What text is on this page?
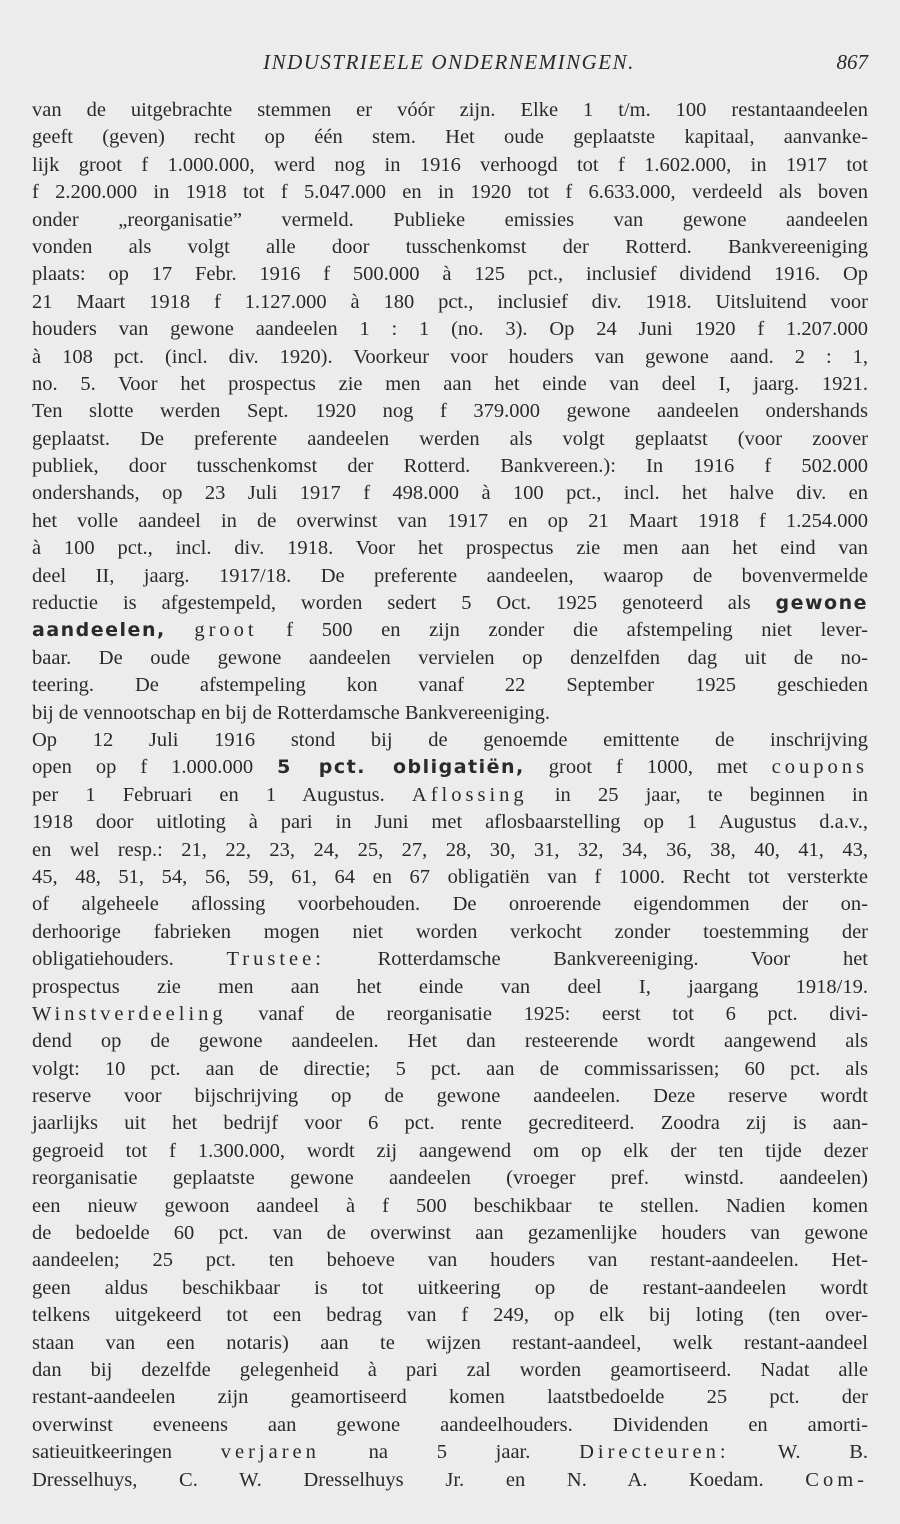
INDUSTRIEELE ONDERNEMINGEN.	867
van de uitgebrachte stemmen er vóór zijn. Elke 1 t/m. 100 restantaandeelen
geeft (geven) recht op één stem. Het oude geplaatste kapitaal, aanvanke-
lijk groot f 1.000.000, werd nog in 1916 verhoogd tot f 1.602.000, in 1917 tot
f 2.200.000 in 1918 tot f 5.047.000 en in 1920 tot f 6.633.000, verdeeld als boven
onder „reorganisatie” vermeld. Publieke emissies van gewone aandeelen
vonden als volgt alle door tusschenkomst der Rotterd. Bankvereeniging
plaats: op 17 Febr. 1916 f 500.000 à 125 pct., inclusief dividend 1916. Op
21 Maart 1918 f 1.127.000 à 180 pct., inclusief div. 1918. Uitsluitend voor
houders van gewone aandeelen 1 : 1 (no. 3). Op 24 Juni 1920 f 1.207.000
à 108 pct. (incl. div. 1920). Voorkeur voor houders van gewone aand. 2 : 1,
no. 5. Voor het prospectus zie men aan het einde van deel I, jaarg. 1921.
Ten slotte werden Sept. 1920 nog f 379.000 gewone aandeelen ondershands
geplaatst. De preferente aandeelen werden als volgt geplaatst (voor zoover
publiek, door tusschenkomst der Rotterd. Bankvereen.): In 1916 f 502.000
ondershands, op 23 Juli 1917 f 498.000 à 100 pct., incl. het halve div. en
het volle aandeel in de overwinst van 1917 en op 21 Maart 1918 f 1.254.000
à 100 pct., incl. div. 1918. Voor het prospectus zie men aan het eind van
deel II, jaarg. 1917/18. De preferente aandeelen, waarop de bovenvermelde
reductie is afgestempeld, worden sedert 5 Oct. 1925 genoteerd als gewone
aandeelen, groot f 500 en zijn zonder die afstempeling niet lever-
baar. De oude gewone aandeelen vervielen op denzelfden dag uit de no-
teering. De afstempeling kon vanaf 22 September 1925 geschieden
bij de vennootschap en bij de Rotterdamsche Bankvereeniging.
Op 12 Juli 1916 stond bij de genoemde emittente de inschrijving
open op f 1.000.000 5 pct. obligatiën, groot f 1000, met coupons
per 1 Februari en 1 Augustus. Aflossing in 25 jaar, te beginnen in
1918 door uitloting à pari in Juni met aflosbaarstelling op 1 Augustus d.a.v.,
en wel resp.: 21, 22, 23, 24, 25, 27, 28, 30, 31, 32, 34, 36, 38, 40, 41, 43,
45, 48, 51, 54, 56, 59, 61, 64 en 67 obligatiën van f 1000. Recht tot versterkte
of algeheele aflossing voorbehouden. De onroerende eigendommen der on-
derhoorige fabrieken mogen niet worden verkocht zonder toestemming der
obligatiehouders.	Trustee:	Rotterdamsche Bankvereeniging. Voor het
prospectus zie men aan het einde van deel I, jaargang 1918/19.
Winstverdeeling vanaf de reorganisatie 1925: eerst tot 6 pct. divi-
dend op de gewone aandeelen. Het dan resteerende wordt aangewend als
volgt: 10 pct. aan de directie; 5 pct. aan de commissarissen; 60 pct. als
reserve voor bijschrijving op de gewone aandeelen. Deze reserve wordt
jaarlijks uit het bedrijf voor 6 pct. rente gecrediteerd. Zoodra zij is aan-
gegroeid tot f 1.300.000, wordt zij aangewend om op elk der ten tijde dezer
reorganisatie geplaatste gewone aandeelen (vroeger pref. winstd. aandeelen)
een nieuw gewoon aandeel à f 500 beschikbaar te stellen. Nadien komen
de bedoelde 60 pct. van de overwinst aan gezamenlijke houders van gewone
aandeelen; 25 pct. ten behoeve van houders van restant-aandeelen. Het-
geen aldus beschikbaar is tot uitkeering op de restant-aandeelen wordt
telkens uitgekeerd tot een bedrag van f 249, op elk bij loting (ten over-
staan van een notaris) aan te wijzen restant-aandeel, welk restant-aandeel
dan bij dezelfde gelegenheid à pari zal worden geamortiseerd. Nadat alle
restant-aandeelen zijn geamortiseerd komen laatstbedoelde 25 pct. der
overwinst eveneens aan gewone aandeelhouders. Dividenden en amorti-
satieuitkeeringen verjaren na 5 jaar. Directeuren: W. B.
Dresselhuys, C. W. Dresselhuys Jr. en N. A. Koedam. Com-
